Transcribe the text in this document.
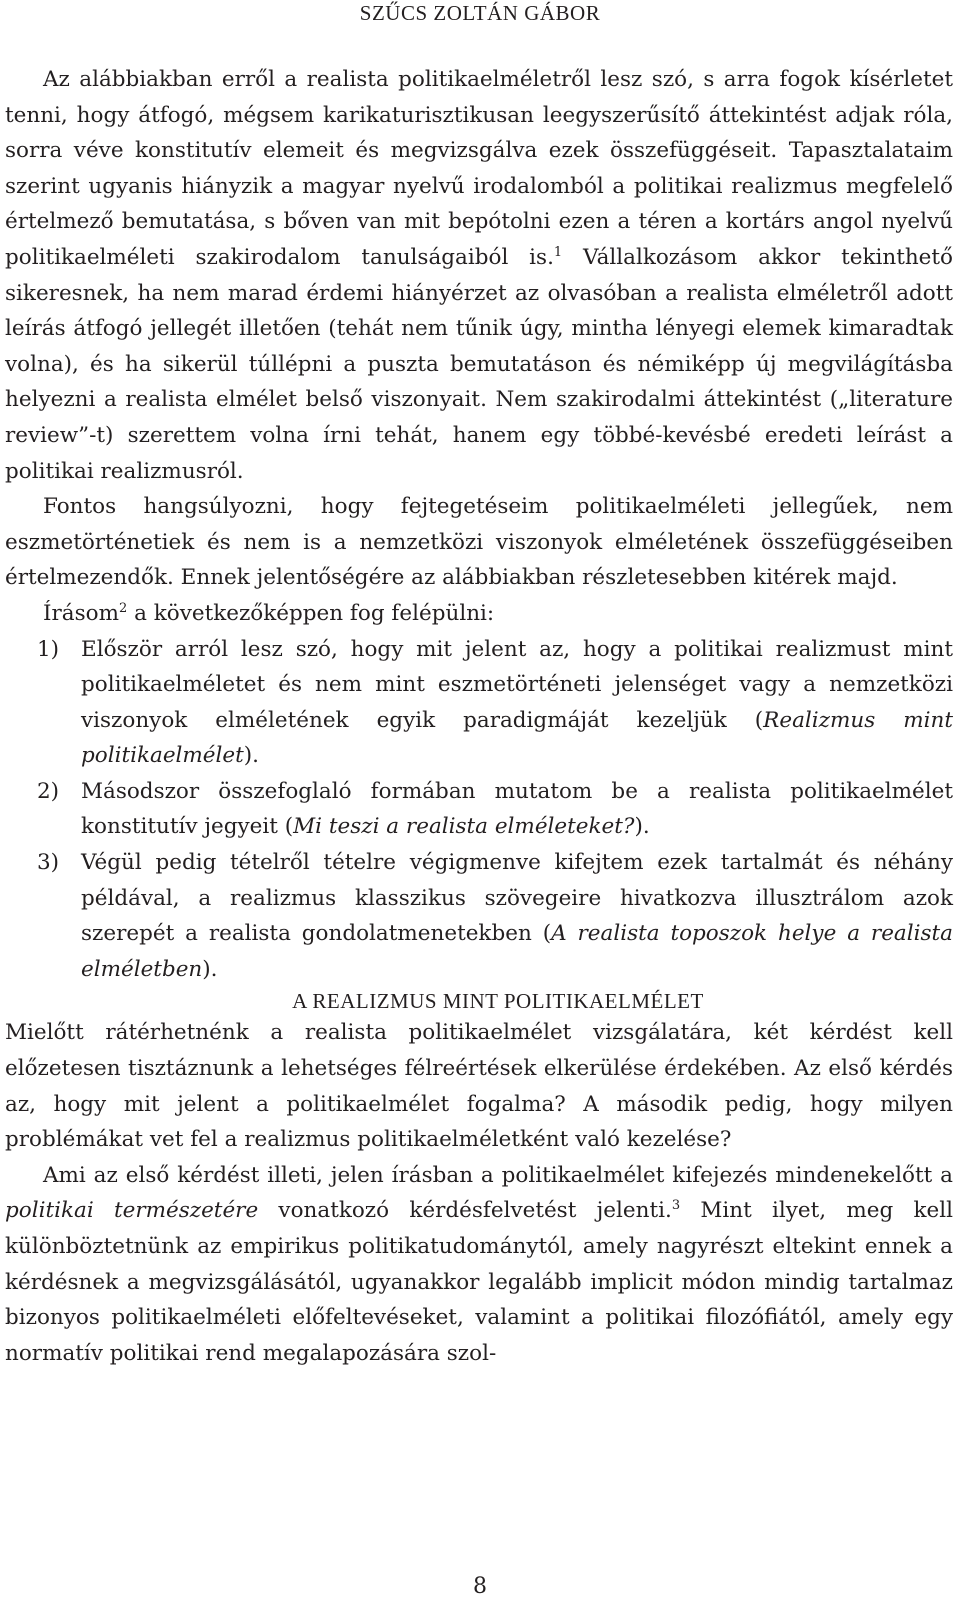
SZŰCS ZOLTÁN GÁBOR

Az alábbiakban erről a realista politikaelméletről lesz szó, s arra fogok kísérletet tenni, hogy átfogó, mégsem karikaturisztikusan leegyszerűsítő áttekintést adjak róla, sorra véve konstitutív elemeit és megvizsgálva ezek összefüggéseit. Tapasztalataim szerint ugyanis hiányzik a magyar nyelvű irodalomból a politikai realizmus megfelelő értelmező bemutatása, s bőven van mit bepótolni ezen a téren a kortárs angol nyelvű politikaelméleti szakirodalom tanulságaiból is.$^1$ Vállalkozásom akkor tekinthető sikeresnek, ha nem marad érdemi hiányérzet az olvasóban a realista elméletről adott leírás átfogó jellegét illetően (tehát nem tűnik úgy, mintha lényegi elemek kimaradtak volna), és ha sikerül túllépni a puszta bemutatáson és némiképp új megvilágításba helyezni a realista elmélet belső viszonyait. Nem szakirodalmi áttekintést („literature review”-t) szerettem volna írni tehát, hanem egy többé-kevésbé eredeti leírást a politikai realizmusról.

Fontos hangsúlyozni, hogy fejtegetéseim politikaelméleti jellegűek, nem eszmetörténetiek és nem is a nemzetközi viszonyok elméletének összefüggéseiben értelmezendők. Ennek jelentőségére az alábbiakban részletesebben kitérek majd.

Írásom$^2$ a következőképpen fog felépülni:

1) Először arról lesz szó, hogy mit jelent az, hogy a politikai realizmust mint politikaelméletet és nem mint eszmetörténeti jelenséget vagy a nemzetközi viszonyok elméletének egyik paradigmáját kezeljük (Realizmus mint politikaelmélet).
2) Másodszor összefoglaló formában mutatom be a realista politikaelmélet konstitutív jegyeit (Mi teszi a realista elméleteket?).
3) Végül pedig tételről tételre végigmenve kifejtem ezek tartalmát és néhány példával, a realizmus klasszikus szövegeire hivatkozva illusztrálom azok szerepét a realista gondolatmenetekben (A realista toposzok helye a realista elméletben).

A REALIZMUS MINT POLITIKAELMÉLET

Mielőtt rátérhetnénk a realista politikaelmélet vizsgálatára, két kérdést kell előzetesen tisztáznunk a lehetséges félreértések elkerülése érdekében. Az első kérdés az, hogy mit jelent a politikaelmélet fogalma? A második pedig, hogy milyen problémákat vet fel a realizmus politikaelméletként való kezelése?

Ami az első kérdést illeti, jelen írásban a politikaelmélet kifejezés mindenekelőtt a politikai természetére vonatkozó kérdésfelvetést jelenti.$^3$ Mint ilyet, meg kell különböztetnünk az empirikus politikatudománytól, amely nagyrészt eltekint ennek a kérdésnek a megvizsgálásától, ugyanakkor legalább implicit módon mindig tartalmaz bizonyos politikaelméleti előfeltevéseket, valamint a politikai filozófiától, amely egy normatív politikai rend megalapozására szol-

8
